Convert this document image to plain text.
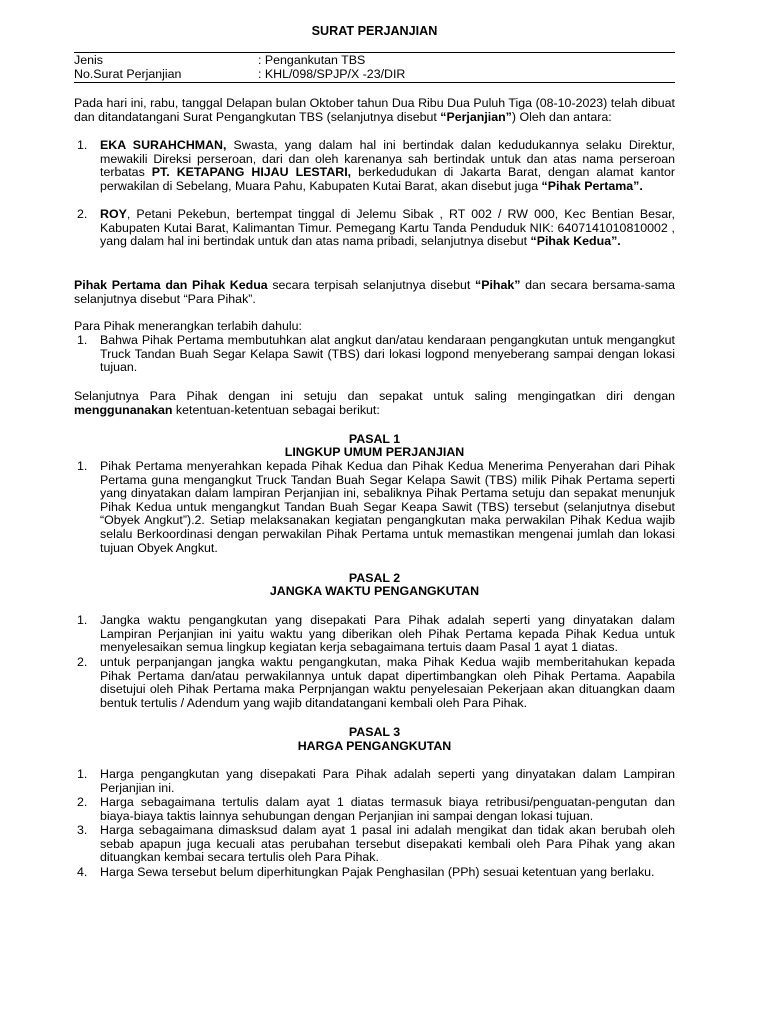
SURAT PERJANJIAN
Jenis	: Pengankutan TBS
No.Surat Perjanjian	: KHL/098/SPJP/X -23/DIR
Pada hari ini, rabu, tanggal Delapan bulan Oktober tahun Dua Ribu Dua Puluh Tiga (08-10-2023) telah dibuat dan ditandatangani Surat Pengangkutan TBS (selanjutnya disebut “Perjanjian”) Oleh dan antara:
1. EKA SURAHCHMAN, Swasta, yang dalam hal ini bertindak dalan kedudukannya selaku Direktur, mewakili Direksi perseroan, dari dan oleh karenanya sah bertindak untuk dan atas nama perseroan terbatas PT. KETAPANG HIJAU LESTARI, berkedudukan di Jakarta Barat, dengan alamat kantor perwakilan di Sebelang, Muara Pahu, Kabupaten Kutai Barat, akan disebut juga “Pihak Pertama”.
2. ROY, Petani Pekebun, bertempat tinggal di Jelemu Sibak , RT 002 / RW 000, Kec Bentian Besar, Kabupaten Kutai Barat, Kalimantan Timur. Pemegang Kartu Tanda Penduduk NIK: 6407141010810002 , yang dalam hal ini bertindak untuk dan atas nama pribadi, selanjutnya disebut “Pihak Kedua”.
Pihak Pertama dan Pihak Kedua secara terpisah selanjutnya disebut “Pihak” dan secara bersama-sama selanjutnya disebut “Para Pihak”.
Para Pihak menerangkan terlabih dahulu:
1. Bahwa Pihak Pertama membutuhkan alat angkut dan/atau kendaraan pengangkutan untuk mengangkut Truck Tandan Buah Segar Kelapa Sawit (TBS) dari lokasi logpond menyeberang sampai dengan lokasi tujuan.
Selanjutnya Para Pihak dengan ini setuju dan sepakat untuk saling mengingatkan diri dengan menggunanakan ketentuan-ketentuan sebagai berikut:
PASAL 1
LINGKUP UMUM PERJANJIAN
1. Pihak Pertama menyerahkan kepada Pihak Kedua dan Pihak Kedua Menerima Penyerahan dari Pihak Pertama guna mengangkut Truck Tandan Buah Segar Kelapa Sawit (TBS) milik Pihak Pertama seperti yang dinyatakan dalam lampiran Perjanjian ini, sebaliknya Pihak Pertama setuju dan sepakat menunjuk Pihak Kedua untuk mengangkut Tandan Buah Segar Keapa Sawit (TBS) tersebut (selanjutnya disebut “Obyek Angkut”).2. Setiap melaksanakan kegiatan pengangkutan maka perwakilan Pihak Kedua wajib selalu Berkoordinasi dengan perwakilan Pihak Pertama untuk memastikan mengenai jumlah dan lokasi tujuan Obyek Angkut.
PASAL 2
JANGKA WAKTU PENGANGKUTAN
1. Jangka waktu pengangkutan yang disepakati Para Pihak adalah seperti yang dinyatakan dalam Lampiran Perjanjian ini yaitu waktu yang diberikan oleh Pihak Pertama kepada Pihak Kedua untuk menyelesaikan semua lingkup kegiatan kerja sebagaimana tertuis daam Pasal 1 ayat 1 diatas.
2. untuk perpanjangan jangka waktu pengangkutan, maka Pihak Kedua wajib memberitahukan kepada Pihak Pertama dan/atau perwakilannya untuk dapat dipertimbangkan oleh Pihak Pertama. Aapabila disetujui oleh Pihak Pertama maka Perpnjangan waktu penyelesaian Pekerjaan akan dituangkan daam bentuk tertulis / Adendum yang wajib ditandatangani kembali oleh Para Pihak.
PASAL 3
HARGA PENGANGKUTAN
1. Harga pengangkutan yang disepakati Para Pihak adalah seperti yang dinyatakan dalam Lampiran Perjanjian ini.
2. Harga sebagaimana tertulis dalam ayat 1 diatas termasuk biaya retribusi/penguatan-pengutan dan biaya-biaya taktis lainnya sehubungan dengan Perjanjian ini sampai dengan lokasi tujuan.
3. Harga sebagaimana dimasksud dalam ayat 1 pasal ini adalah mengikat dan tidak akan berubah oleh sebab apapun juga kecuali atas perubahan tersebut disepakati kembali oleh Para Pihak yang akan dituangkan kembai secara tertulis oleh Para Pihak.
4. Harga Sewa tersebut belum diperhitungkan Pajak Penghasilan (PPh) sesuai ketentuan yang berlaku.
